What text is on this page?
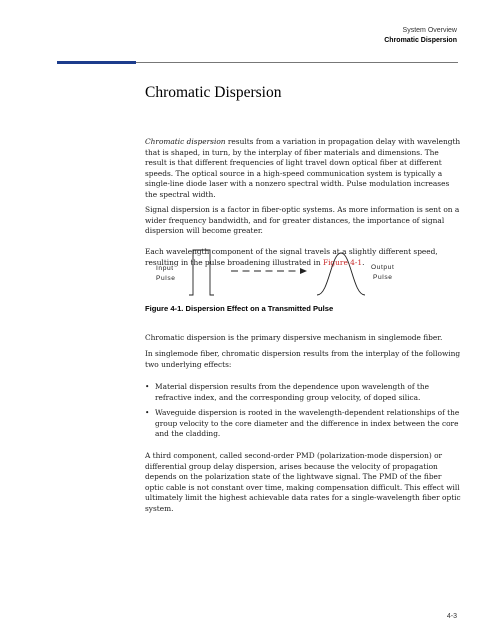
System Overview
Chromatic Dispersion
Chromatic Dispersion
Chromatic dispersion results from a variation in propagation delay with wavelength that is shaped, in turn, by the interplay of fiber materials and dimensions. The result is that different frequencies of light travel down optical fiber at different speeds. The optical source in a high-speed communication system is typically a single-line diode laser with a nonzero spectral width. Pulse modulation increases the spectral width.
Signal dispersion is a factor in fiber-optic systems. As more information is sent on a wider frequency bandwidth, and for greater distances, the importance of signal dispersion will become greater.
Each wavelength component of the signal travels at a slightly different speed, resulting in the pulse broadening illustrated in Figure 4-1.
Input
Pulse
Output
Pulse
Figure 4-1. Dispersion Effect on a Transmitted Pulse
Chromatic dispersion is the primary dispersive mechanism in singlemode fiber.
In singlemode fiber, chromatic dispersion results from the interplay of the following two underlying effects:
• Material dispersion results from the dependence upon wavelength of the refractive index, and the corresponding group velocity, of doped silica.
• Waveguide dispersion is rooted in the wavelength-dependent relationships of the group velocity to the core diameter and the difference in index between the core and the cladding.
A third component, called second-order PMD (polarization-mode dispersion) or differential group delay dispersion, arises because the velocity of propagation depends on the polarization state of the lightwave signal. The PMD of the fiber optic cable is not constant over time, making compensation difficult. This effect will ultimately limit the highest achievable data rates for a single-wavelength fiber optic system.
4-3
